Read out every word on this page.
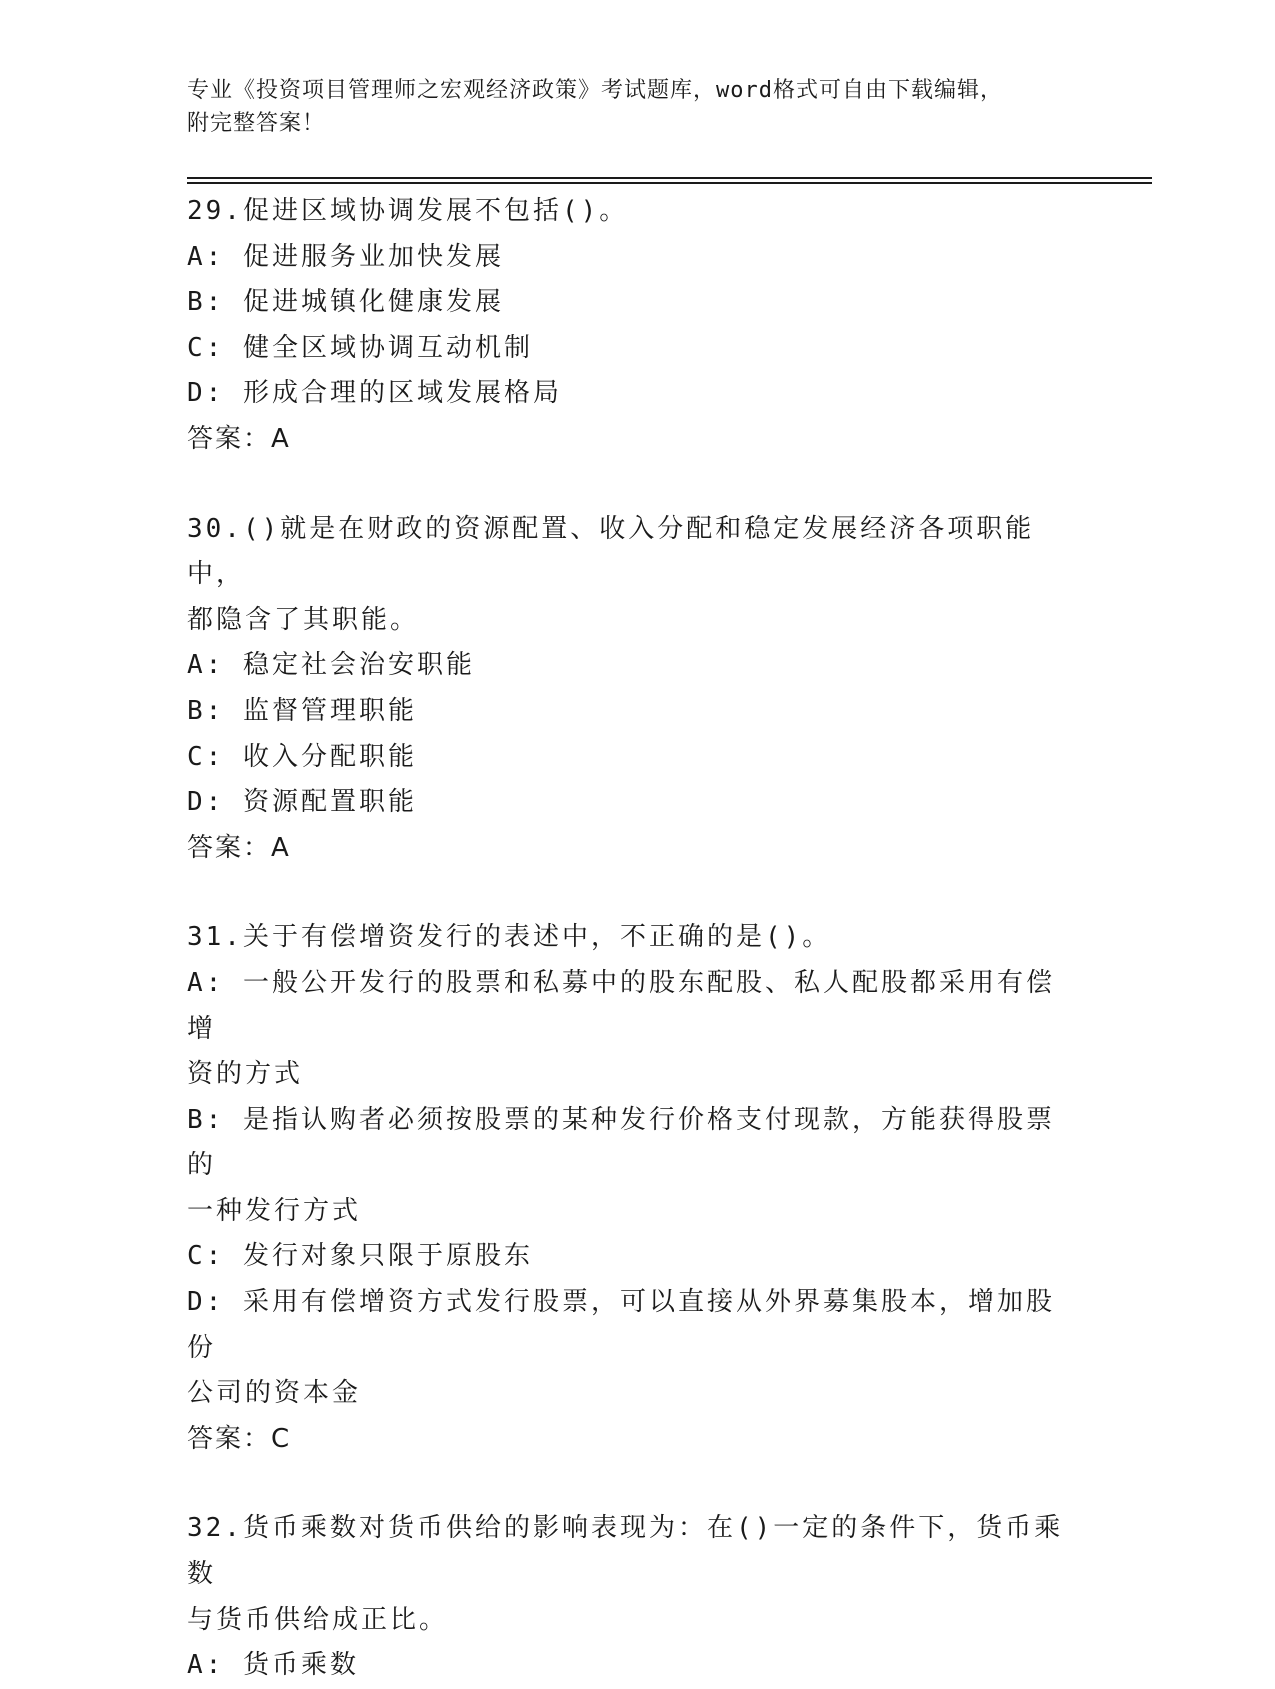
专业《投资项目管理师之宏观经济政策》考试题库，word格式可自由下载编辑，
附完整答案！
29.促进区域协调发展不包括()。
A: 促进服务业加快发展
B: 促进城镇化健康发展
C: 健全区域协调互动机制
D: 形成合理的区域发展格局
答案：A
30.()就是在财政的资源配置、收入分配和稳定发展经济各项职能中，
都隐含了其职能。
A: 稳定社会治安职能
B: 监督管理职能
C: 收入分配职能
D: 资源配置职能
答案：A
31.关于有偿增资发行的表述中，不正确的是()。
A: 一般公开发行的股票和私募中的股东配股、私人配股都采用有偿增
资的方式
B: 是指认购者必须按股票的某种发行价格支付现款，方能获得股票的
一种发行方式
C: 发行对象只限于原股东
D: 采用有偿增资方式发行股票，可以直接从外界募集股本，增加股份
公司的资本金
答案：C
32.货币乘数对货币供给的影响表现为：在()一定的条件下，货币乘数
与货币供给成正比。
A: 货币乘数
